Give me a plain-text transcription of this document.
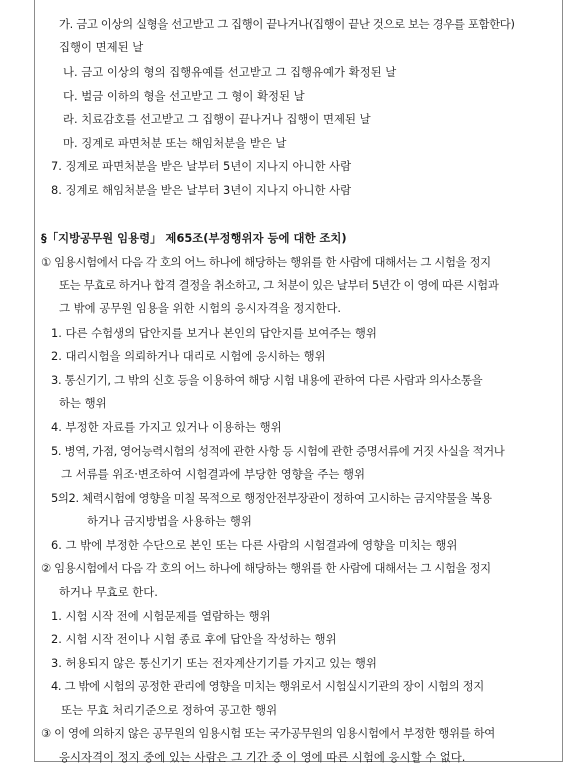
가. 금고 이상의 실형을 선고받고 그 집행이 끝나거나(집행이 끝난 것으로 보는 경우를 포함한다)
집행이 면제된 날
나. 금고 이상의 형의 집행유예를 선고받고 그 집행유예가 확정된 날
다. 벌금 이하의 형을 선고받고 그 형이 확정된 날
라. 치료감호를 선고받고 그 집행이 끝나거나 집행이 면제된 날
마. 징계로 파면처분 또는 해임처분을 받은 날
7. 징계로 파면처분을 받은 날부터 5년이 지나지 아니한 사람
8. 징계로 해임처분을 받은 날부터 3년이 지나지 아니한 사람
§「지방공무원 임용령」 제65조(부정행위자 등에 대한 조치)
① 임용시험에서 다음 각 호의 어느 하나에 해당하는 행위를 한 사람에 대해서는 그 시험을 정지
또는 무효로 하거나 합격 결정을 취소하고, 그 처분이 있은 날부터 5년간 이 영에 따른 시험과
그 밖에 공무원 임용을 위한 시험의 응시자격을 정지한다.
1. 다른 수험생의 답안지를 보거나 본인의 답안지를 보여주는 행위
2. 대리시험을 의뢰하거나 대리로 시험에 응시하는 행위
3. 통신기기, 그 밖의 신호 등을 이용하여 해당 시험 내용에 관하여 다른 사람과 의사소통을
하는 행위
4. 부정한 자료를 가지고 있거나 이용하는 행위
5. 병역, 가점, 영어능력시험의 성적에 관한 사항 등 시험에 관한 증명서류에 거짓 사실을 적거나
그 서류를 위조·변조하여 시험결과에 부당한 영향을 주는 행위
5의2. 체력시험에 영향을 미칠 목적으로 행정안전부장관이 정하여 고시하는 금지약물을 복용
하거나 금지방법을 사용하는 행위
6. 그 밖에 부정한 수단으로 본인 또는 다른 사람의 시험결과에 영향을 미치는 행위
② 임용시험에서 다음 각 호의 어느 하나에 해당하는 행위를 한 사람에 대해서는 그 시험을 정지
하거나 무효로 한다.
1. 시험 시작 전에 시험문제를 열람하는 행위
2. 시험 시작 전이나 시험 종료 후에 답안을 작성하는 행위
3. 허용되지 않은 통신기기 또는 전자계산기기를 가지고 있는 행위
4. 그 밖에 시험의 공정한 관리에 영향을 미치는 행위로서 시험실시기관의 장이 시험의 정지
또는 무효 처리기준으로 정하여 공고한 행위
③ 이 영에 의하지 않은 공무원의 임용시험 또는 국가공무원의 임용시험에서 부정한 행위를 하여
응시자격이 정지 중에 있는 사람은 그 기간 중 이 영에 따른 시험에 응시할 수 없다.
